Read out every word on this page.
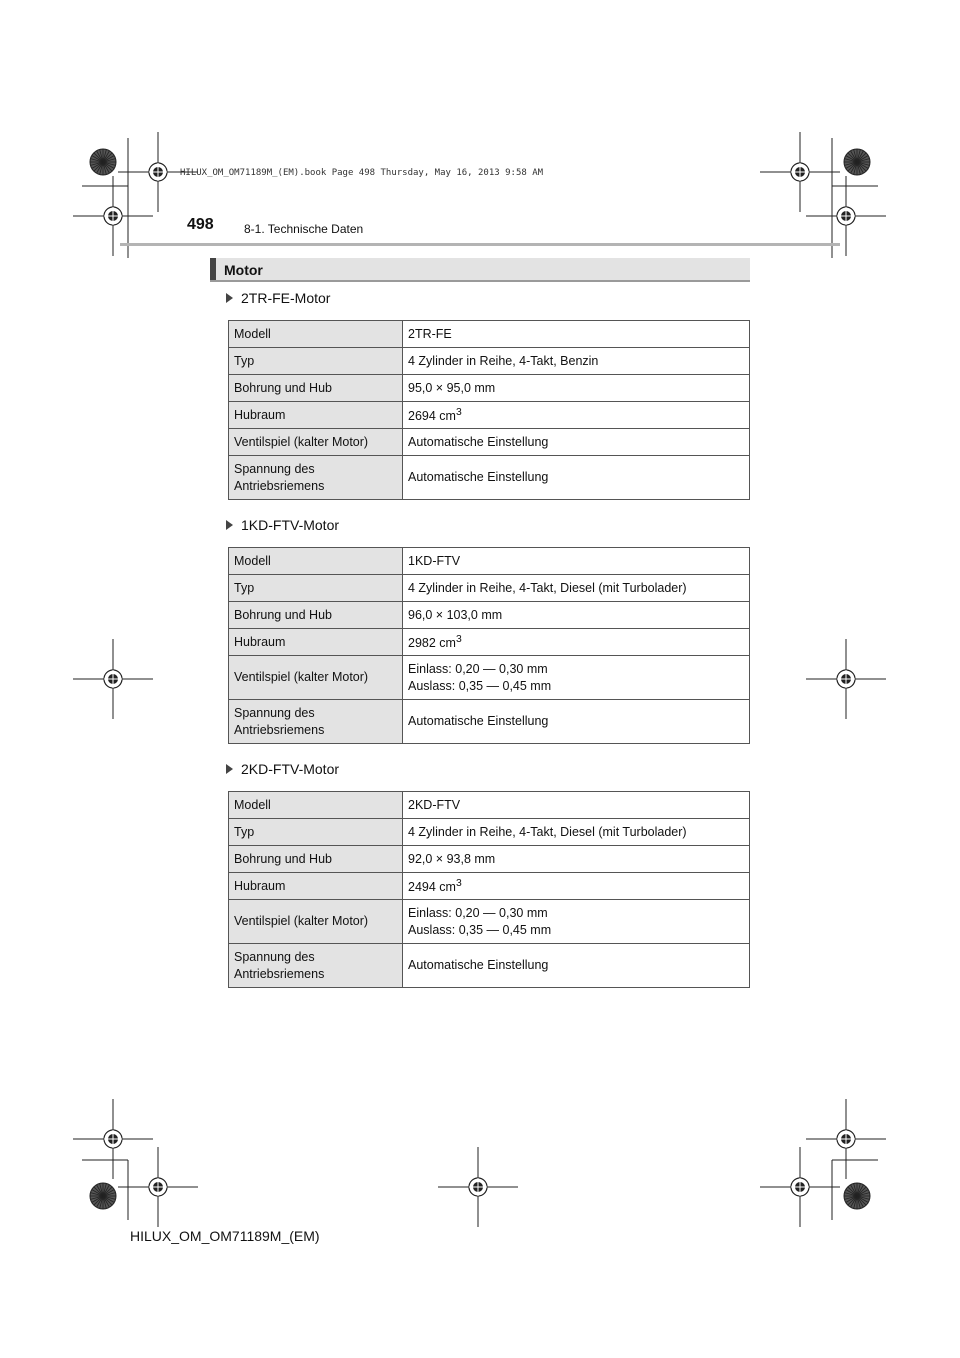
HILUX_OM_OM71189M_(EM).book Page 498 Thursday, May 16, 2013 9:58 AM
498	8-1. Technische Daten
Motor
2TR-FE-Motor
Modell	2TR-FE
Typ	4 Zylinder in Reihe, 4-Takt, Benzin
Bohrung und Hub	95,0 × 95,0 mm
Hubraum	2694 $cm^3$
Ventilspiel (kalter Motor)	Automatische Einstellung
Spannung des Antriebsriemens	Automatische Einstellung
1KD-FTV-Motor
Modell	1KD-FTV
Typ	4 Zylinder in Reihe, 4-Takt, Diesel (mit Turbolader)
Bohrung und Hub	96,0 × 103,0 mm
Hubraum	2982 $cm^3$
Ventilspiel (kalter Motor)	Einlass: 0,20 — 0,30 mm
Auslass: 0,35 — 0,45 mm

Spannung des Antriebsriemens	Automatische Einstellung
2KD-FTV-Motor
Modell	2KD-FTV
Typ	4 Zylinder in Reihe, 4-Takt, Diesel (mit Turbolader)
Bohrung und Hub	92,0 × 93,8 mm
Hubraum	2494 $cm^3$
Ventilspiel (kalter Motor)	Einlass: 0,20 — 0,30 mm
Auslass: 0,35 — 0,45 mm

Spannung des Antriebsriemens	Automatische Einstellung
HILUX_OM_OM71189M_(EM)
